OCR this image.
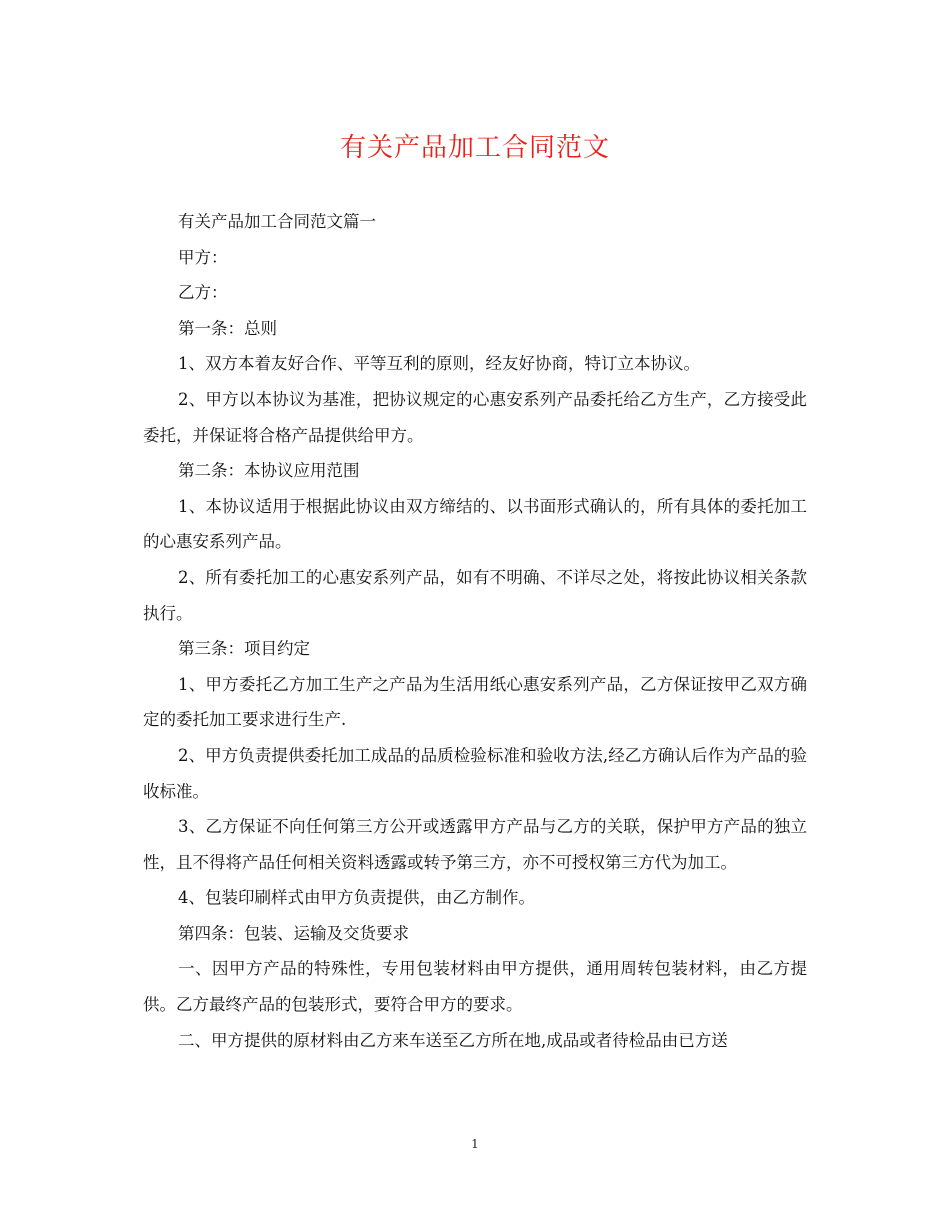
有关产品加工合同范文

有关产品加工合同范文篇一

甲方：

乙方：

第一条：总则

1、双方本着友好合作、平等互利的原则，经友好协商，特订立本协议。

2、甲方以本协议为基准，把协议规定的心惠安系列产品委托给乙方生产，乙方接受此委托，并保证将合格产品提供给甲方。

第二条：本协议应用范围

1、本协议适用于根据此协议由双方缔结的、以书面形式确认的，所有具体的委托加工的心惠安系列产品。

2、所有委托加工的心惠安系列产品，如有不明确、不详尽之处，将按此协议相关条款执行。

第三条：项目约定

1、甲方委托乙方加工生产之产品为生活用纸心惠安系列产品，乙方保证按甲乙双方确定的委托加工要求进行生产.

2、甲方负责提供委托加工成品的品质检验标准和验收方法,经乙方确认后作为产品的验收标准。

3、乙方保证不向任何第三方公开或透露甲方产品与乙方的关联，保护甲方产品的独立性，且不得将产品任何相关资料透露或转予第三方，亦不可授权第三方代为加工。

4、包装印刷样式由甲方负责提供，由乙方制作。

第四条：包装、运输及交货要求

一、因甲方产品的特殊性，专用包装材料由甲方提供，通用周转包装材料，由乙方提供。乙方最终产品的包装形式，要符合甲方的要求。

二、甲方提供的原材料由乙方来车送至乙方所在地,成品或者待检品由已方送

1
